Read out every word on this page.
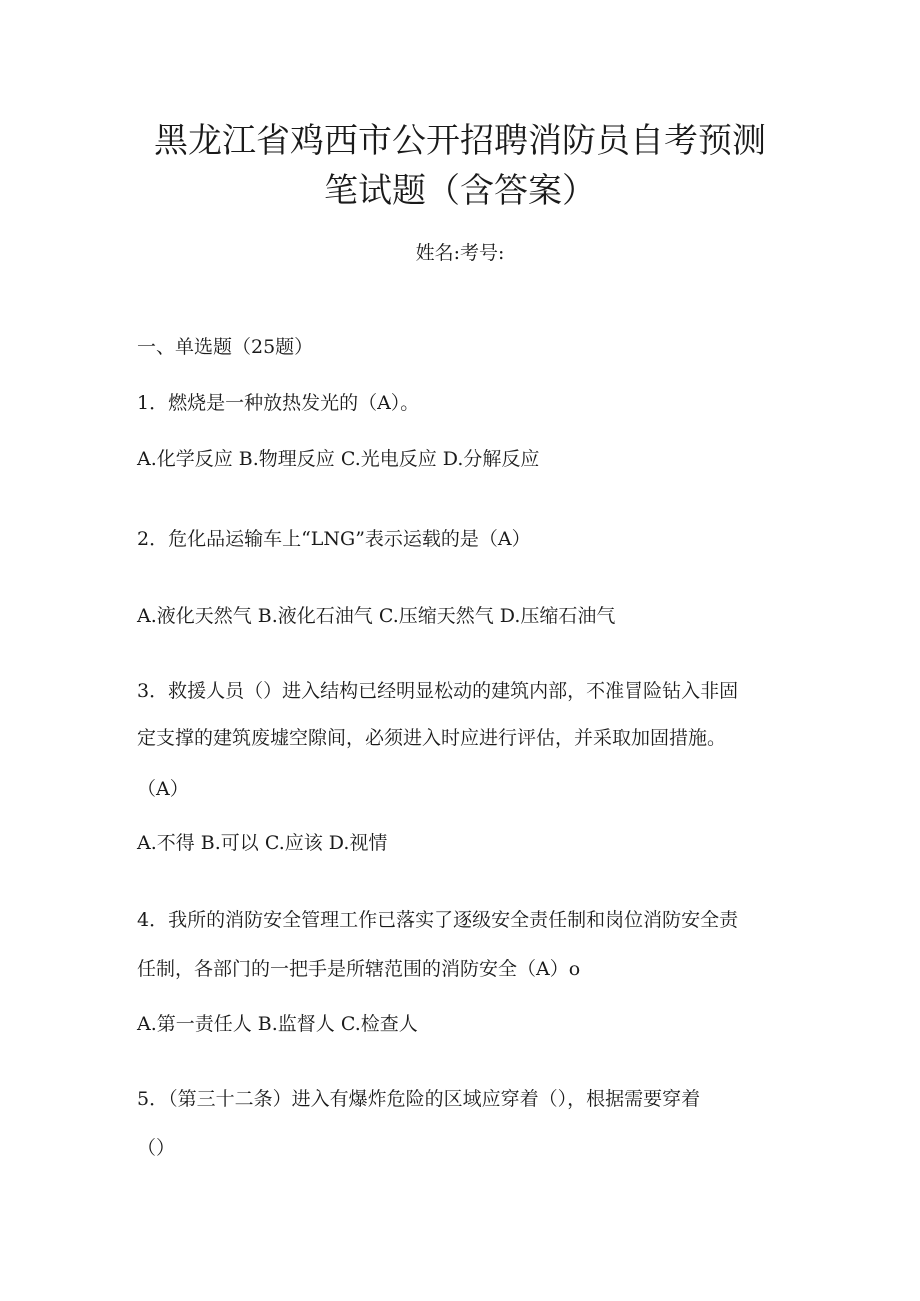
黑龙江省鸡西市公开招聘消防员自考预测
笔试题（含答案）
姓名:考号:
一、单选题（25题）
1．燃烧是一种放热发光的（A）。
A.化学反应 B.物理反应 C.光电反应 D.分解反应
2．危化品运输车上“LNG”表示运载的是（A）
A.液化天然气 B.液化石油气 C.压缩天然气 D.压缩石油气
3．救援人员（）进入结构已经明显松动的建筑内部，不准冒险钻入非固
定支撑的建筑废墟空隙间，必须进入时应进行评估，并采取加固措施。
（A）
A.不得 B.可以 C.应该 D.视情
4．我所的消防安全管理工作已落实了逐级安全责任制和岗位消防安全责
任制，各部门的一把手是所辖范围的消防安全（A）o
A.第一责任人 B.监督人 C.检查人
5．（第三十二条）进入有爆炸危险的区域应穿着（），根据需要穿着
（）
